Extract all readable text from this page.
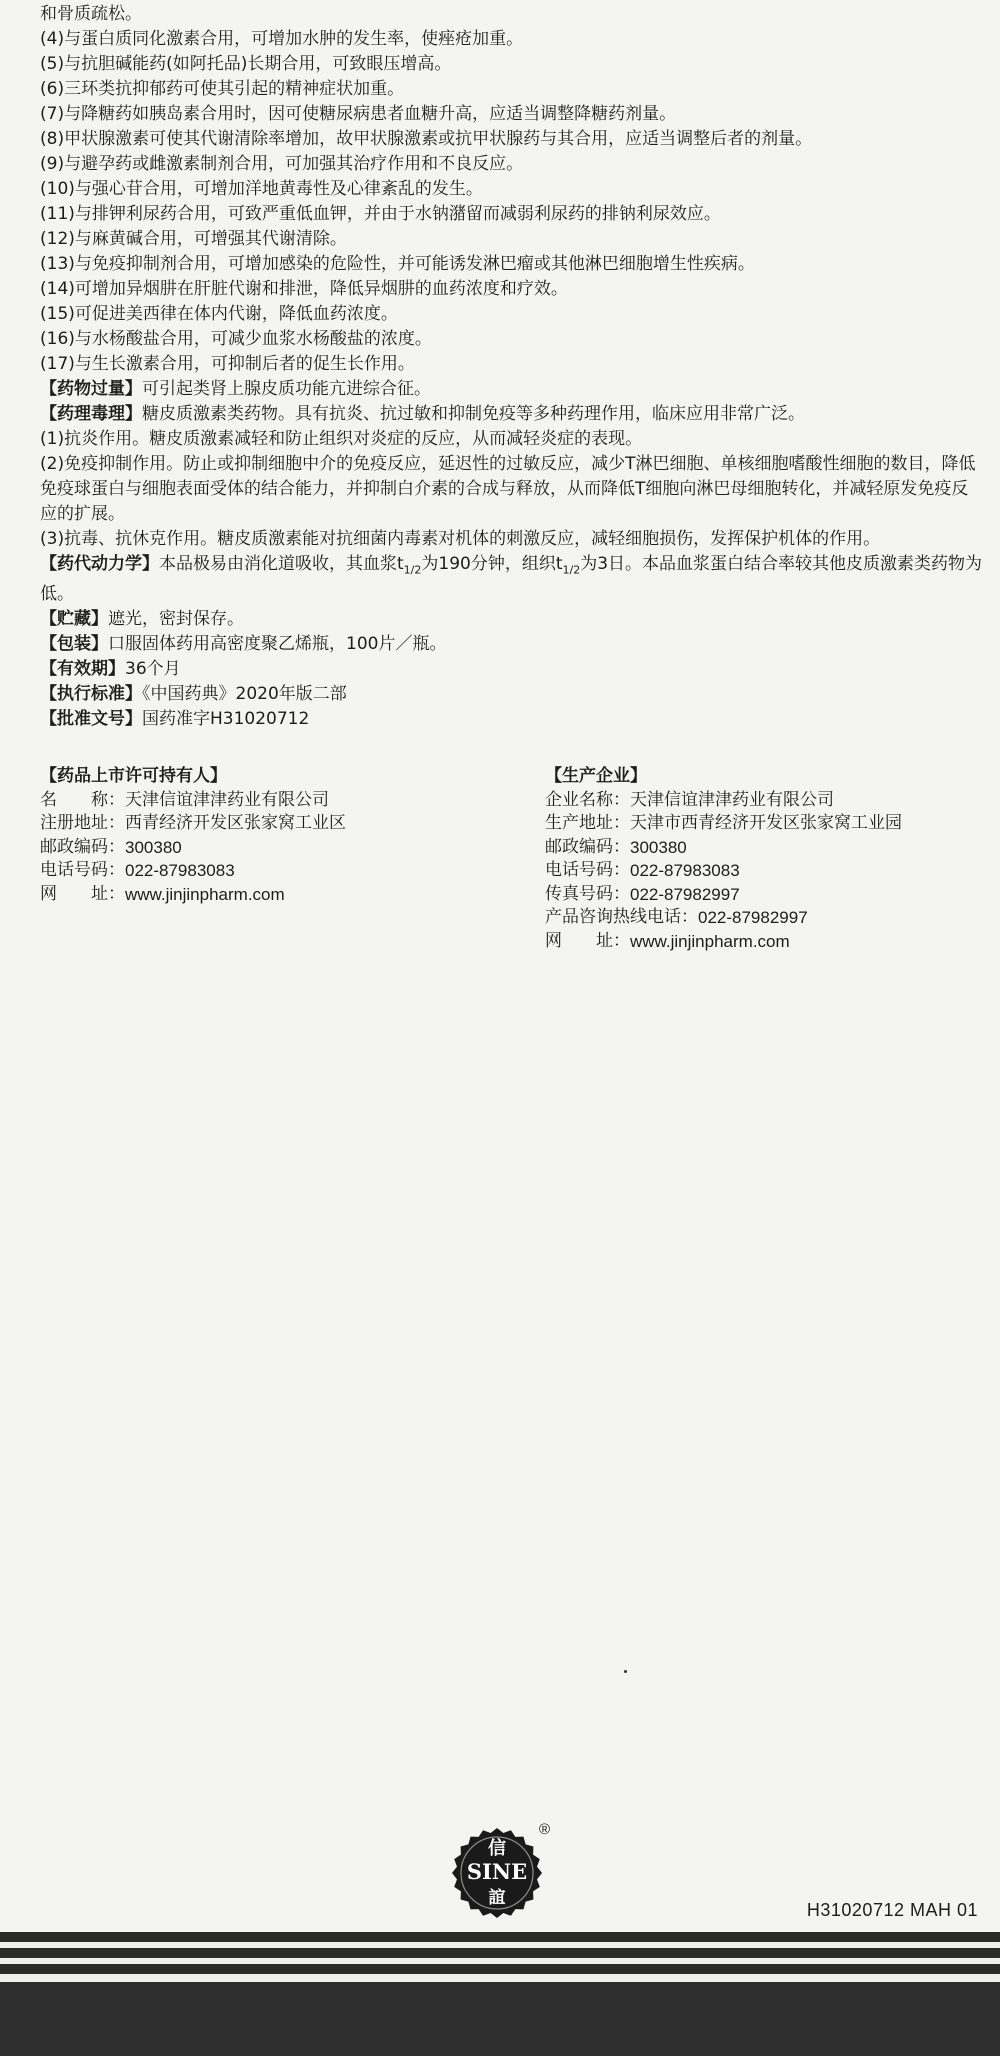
和骨质疏松。
(4)与蛋白质同化激素合用，可增加水肿的发生率，使痤疮加重。
(5)与抗胆碱能药(如阿托品)长期合用，可致眼压增高。
(6)三环类抗抑郁药可使其引起的精神症状加重。
(7)与降糖药如胰岛素合用时，因可使糖尿病患者血糖升高，应适当调整降糖药剂量。
(8)甲状腺激素可使其代谢清除率增加，故甲状腺激素或抗甲状腺药与其合用，应适当调整后者的剂量。
(9)与避孕药或雌激素制剂合用，可加强其治疗作用和不良反应。
(10)与强心苷合用，可增加洋地黄毒性及心律紊乱的发生。
(11)与排钾利尿药合用，可致严重低血钾，并由于水钠潴留而减弱利尿药的排钠利尿效应。
(12)与麻黄碱合用，可增强其代谢清除。
(13)与免疫抑制剂合用，可增加感染的危险性，并可能诱发淋巴瘤或其他淋巴细胞增生性疾病。
(14)可增加异烟肼在肝脏代谢和排泄，降低异烟肼的血药浓度和疗效。
(15)可促进美西律在体内代谢，降低血药浓度。
(16)与水杨酸盐合用，可减少血浆水杨酸盐的浓度。
(17)与生长激素合用，可抑制后者的促生长作用。
【药物过量】可引起类肾上腺皮质功能亢进综合征。
【药理毒理】糖皮质激素类药物。具有抗炎、抗过敏和抑制免疫等多种药理作用，临床应用非常广泛。
(1)抗炎作用。糖皮质激素减轻和防止组织对炎症的反应，从而减轻炎症的表现。
(2)免疫抑制作用。防止或抑制细胞中介的免疫反应，延迟性的过敏反应，减少T淋巴细胞、单核细胞嗜酸性细胞的数目，降低免疫球蛋白与细胞表面受体的结合能力，并抑制白介素的合成与释放，从而降低T细胞向淋巴母细胞转化，并减轻原发免疫反应的扩展。
(3)抗毒、抗休克作用。糖皮质激素能对抗细菌内毒素对机体的刺激反应，减轻细胞损伤，发挥保护机体的作用。
【药代动力学】本品极易由消化道吸收，其血浆$t_{1/2}$为190分钟，组织$t_{1/2}$为3日。本品血浆蛋白结合率较其他皮质激素类药物为低。
【贮藏】遮光，密封保存。
【包装】口服固体药用高密度聚乙烯瓶，100片／瓶。
【有效期】36个月
【执行标准】《中国药典》2020年版二部
【批准文号】国药准字H31020712
【药品上市许可持有人】
名　　称： 天津信谊津津药业有限公司
注册地址： 西青经济开发区张家窝工业区
邮政编码： 300380
电话号码： 022-87983083
网　　址： www.jinjinpharm.com
【生产企业】
企业名称： 天津信谊津津药业有限公司
生产地址： 天津市西青经济开发区张家窝工业园
邮政编码： 300380
电话号码： 022-87983083
传真号码： 022-87982997
产品咨询热线电话： 022-87982997
网　　址： www.jinjinpharm.com
信
SINE
誼
®
H31020712 MAH 01
